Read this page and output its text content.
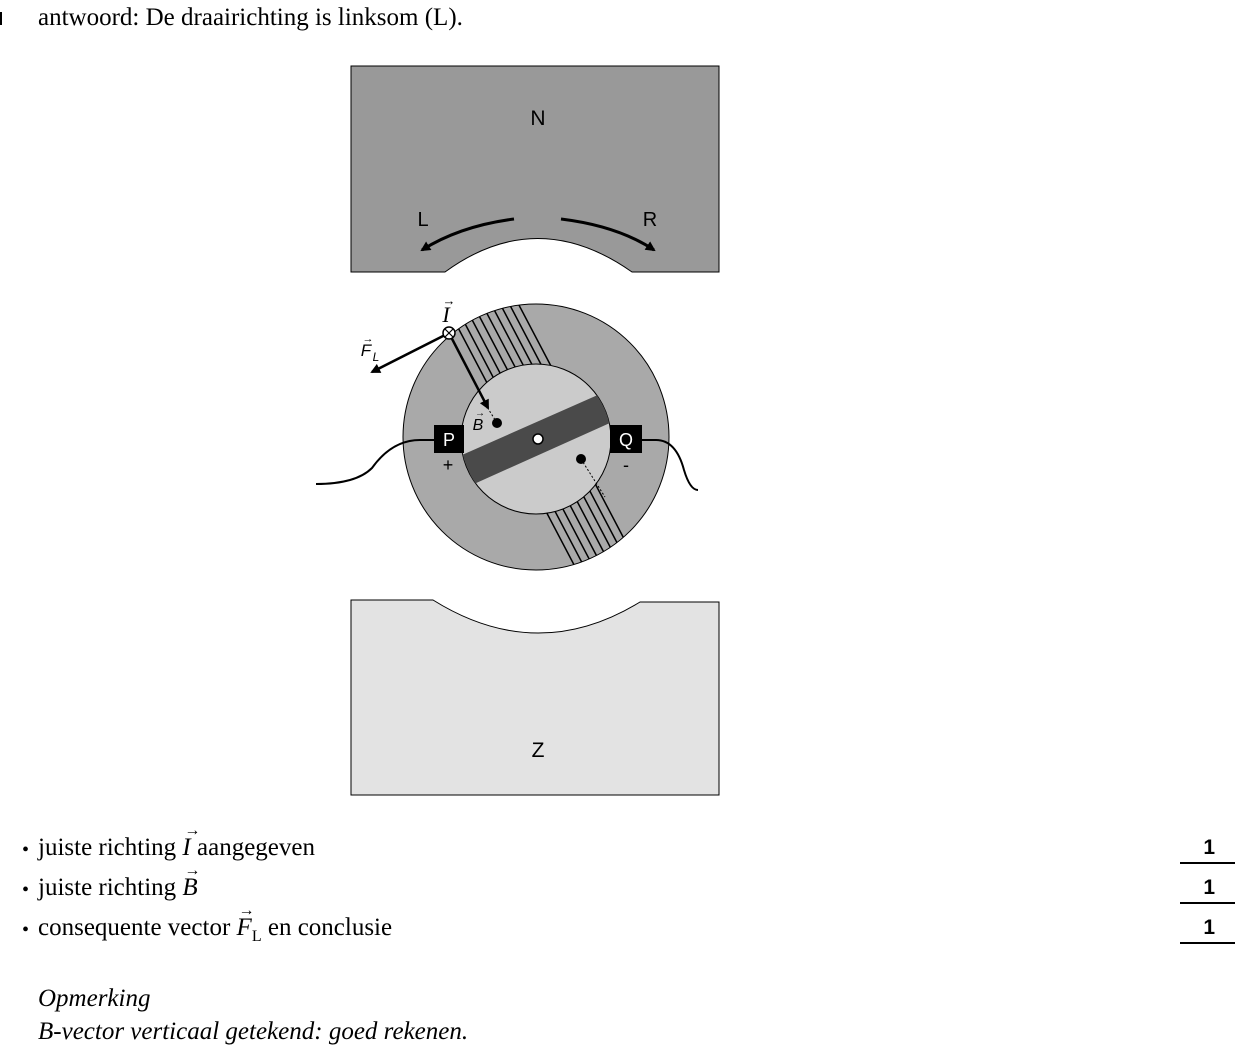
antwoord: De draairichting is linksom (L).
N
L	R
P	Q
+	-
I
→
F L
→
B
→
Z
• juiste richting → I aangegeven	1
• juiste richting → B	1
• consequente vector → $F_L$ en conclusie	1
Opmerking
B-vector verticaal getekend: goed rekenen.
